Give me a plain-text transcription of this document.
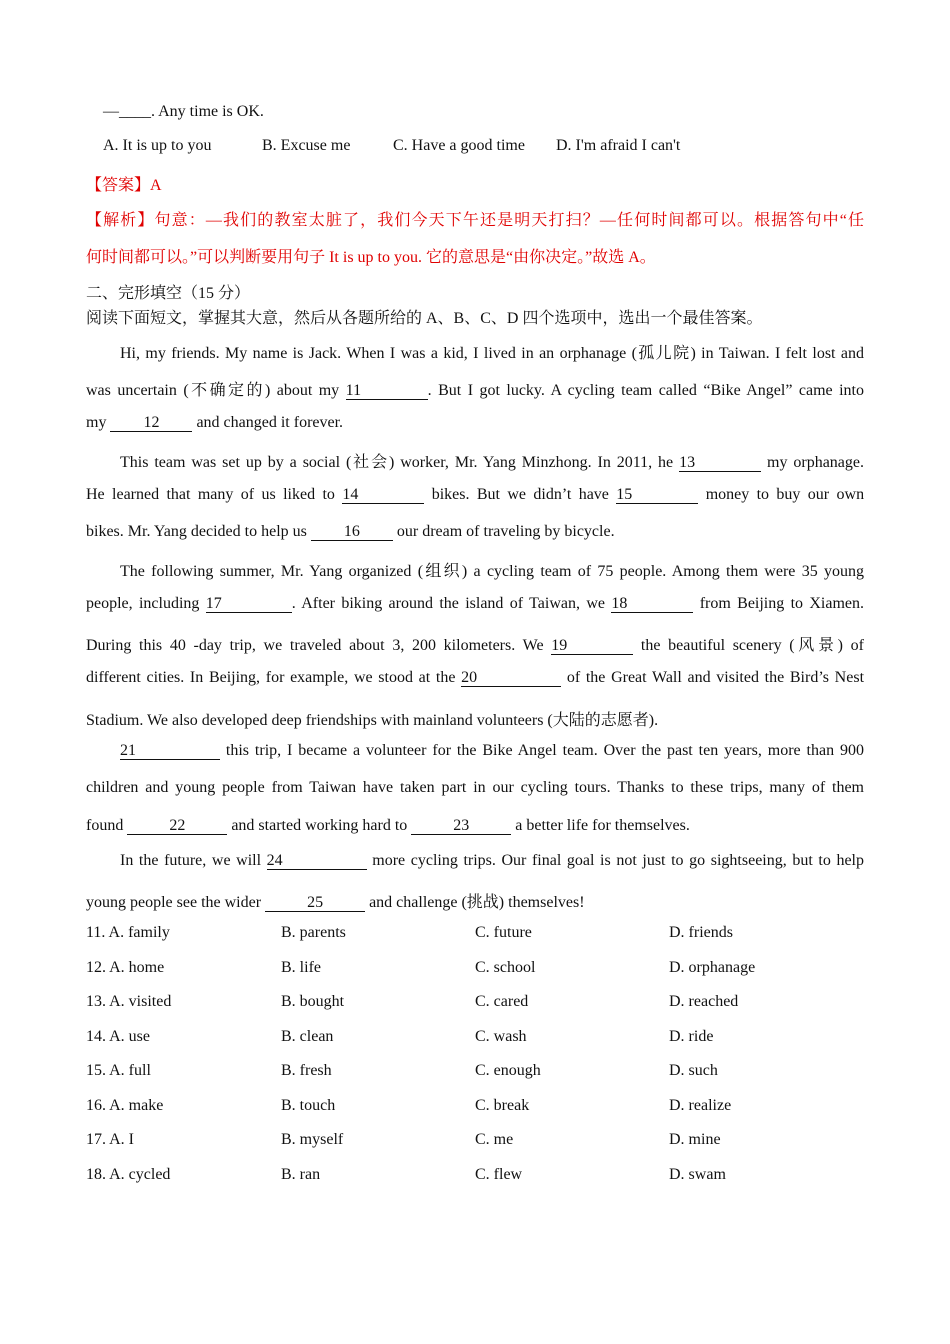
—____. Any time is OK.
A. It is up to you	B. Excuse me	C. Have a good time D. I'm afraid I can't
【答案】A
【解析】句意：—我们的教室太脏了，我们今天下午还是明天打扫？—任何时间都可以。根据答句中“任
何时间都可以。”可以判断要用句子 It is up to you. 它的意思是“由你决定。”故选 A。
二、完形填空（15 分）
阅读下面短文，掌握其大意，然后从各题所给的 A、B、C、D 四个选项中，选出一个最佳答案。
Hi, my friends. My name is Jack. When I was a kid, I lived in an orphanage (孤儿院) in Taiwan. I felt lost and
was uncertain (不确定的) about my 11	. But I got lucky. A cycling team called “Bike Angel” came into
my 12 and changed it forever.
This team was set up by a social (社会) worker, Mr. Yang Minzhong. In 2011, he 13	my orphanage.
He learned that many of us liked to 14	bikes. But we didn’t have 15	money to buy our own
bikes. Mr. Yang decided to help us 16 our dream of traveling by bicycle.
The following summer, Mr. Yang organized (组织) a cycling team of 75 people. Among them were 35 young
people, including 17	. After biking around the island of Taiwan, we 18	from Beijing to Xiamen.
During this 40 -day trip, we traveled about 3, 200 kilometers. We 19	the beautiful scenery (风景) of
different cities. In Beijing, for example, we stood at the 20	of the Great Wall and visited the Bird’s Nest
Stadium. We also developed deep friendships with mainland volunteers (大陆的志愿者).
21	this trip, I became a volunteer for the Bike Angel team. Over the past ten years, more than 900
children and young people from Taiwan have taken part in our cycling tours. Thanks to these trips, many of them
found	22	and started working hard to	23	a better life for themselves.
In the future, we will 24	more cycling trips. Our final goal is not just to go sightseeing, but to help
young people see the wider	25	and challenge (挑战) themselves!
11. A. family	B. parents	C. future	D. friends
12. A. home	B. life	C. school	D. orphanage
13. A. visited	B. bought	C. cared	D. reached
14. A. use	B. clean	C. wash	D. ride
15. A. full	B. fresh	C. enough	D. such
16. A. make	B. touch	C. break	D. realize
17. A. I	B. myself	C. me	D. mine
18. A. cycled	B. ran	C. flew	D. swam
